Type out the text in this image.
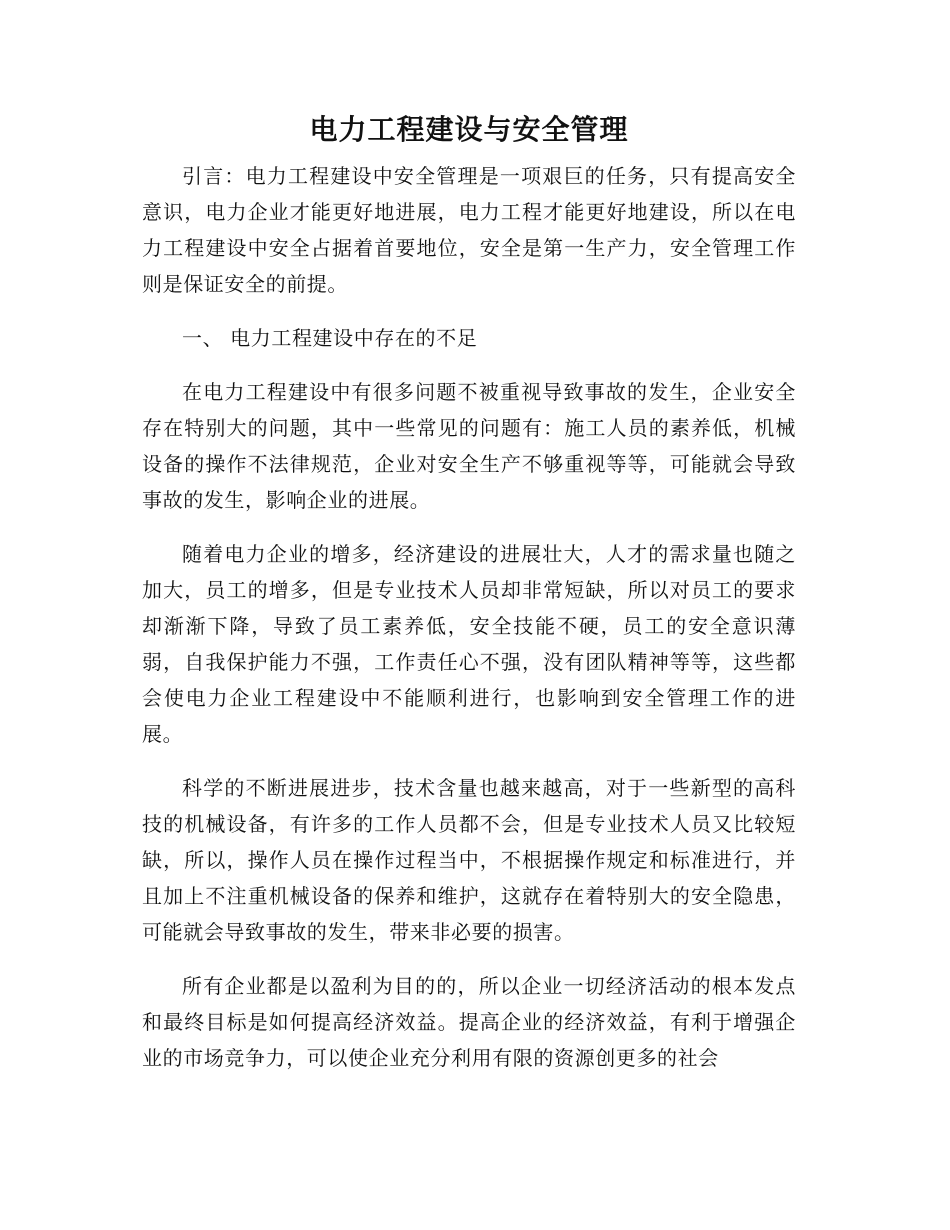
电力工程建设与安全管理

引言：电力工程建设中安全管理是一项艰巨的任务，只有提高安全意识，电力企业才能更好地进展，电力工程才能更好地建设，所以在电力工程建设中安全占据着首要地位，安全是第一生产力，安全管理工作则是保证安全的前提。

一、 电力工程建设中存在的不足

在电力工程建设中有很多问题不被重视导致事故的发生，企业安全存在特别大的问题，其中一些常见的问题有：施工人员的素养低，机械设备的操作不法律规范，企业对安全生产不够重视等等，可能就会导致事故的发生，影响企业的进展。

随着电力企业的增多，经济建设的进展壮大，人才的需求量也随之加大，员工的增多，但是专业技术人员却非常短缺，所以对员工的要求却渐渐下降，导致了员工素养低，安全技能不硬，员工的安全意识薄弱，自我保护能力不强，工作责任心不强，没有团队精神等等，这些都会使电力企业工程建设中不能顺利进行，也影响到安全管理工作的进展。

科学的不断进展进步，技术含量也越来越高，对于一些新型的高科技的机械设备，有许多的工作人员都不会，但是专业技术人员又比较短缺，所以，操作人员在操作过程当中，不根据操作规定和标准进行，并且加上不注重机械设备的保养和维护，这就存在着特别大的安全隐患，可能就会导致事故的发生，带来非必要的损害。

所有企业都是以盈利为目的的，所以企业一切经济活动的根本发点和最终目标是如何提高经济效益。提高企业的经济效益，有利于增强企业的市场竞争力，可以使企业充分利用有限的资源创更多的社会
